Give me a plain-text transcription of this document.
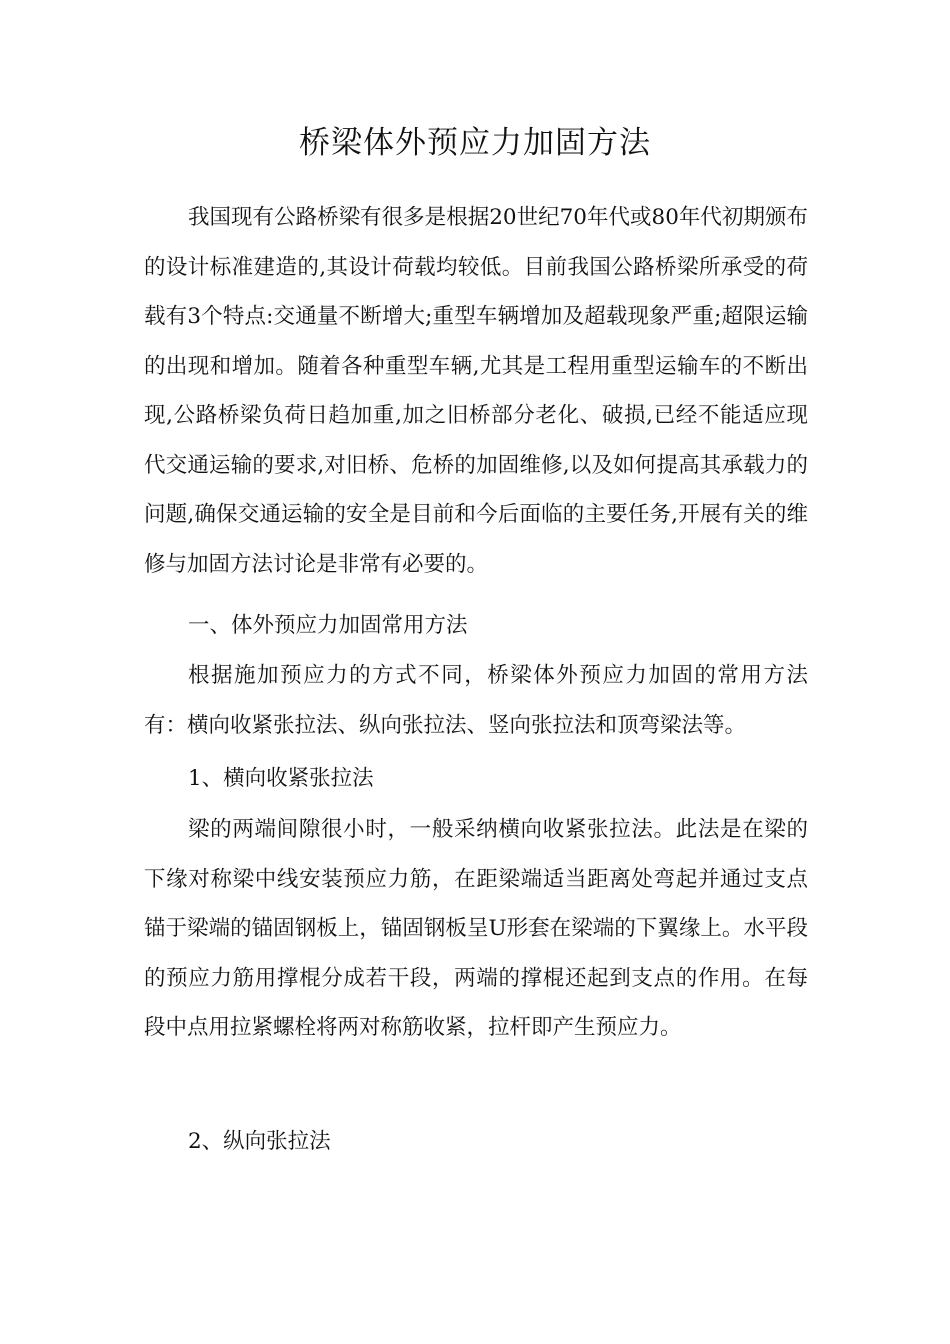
桥梁体外预应力加固方法

我国现有公路桥梁有很多是根据20世纪70年代或80年代初期颁布的设计标准建造的,其设计荷载均较低。目前我国公路桥梁所承受的荷载有3个特点:交通量不断增大;重型车辆增加及超载现象严重;超限运输的出现和增加。随着各种重型车辆,尤其是工程用重型运输车的不断出现,公路桥梁负荷日趋加重,加之旧桥部分老化、破损,已经不能适应现代交通运输的要求,对旧桥、危桥的加固维修,以及如何提高其承载力的问题,确保交通运输的安全是目前和今后面临的主要任务,开展有关的维修与加固方法讨论是非常有必要的。

一、体外预应力加固常用方法

根据施加预应力的方式不同，桥梁体外预应力加固的常用方法有：横向收紧张拉法、纵向张拉法、竖向张拉法和顶弯梁法等。

1、横向收紧张拉法

梁的两端间隙很小时，一般采纳横向收紧张拉法。此法是在梁的下缘对称梁中线安装预应力筋，在距梁端适当距离处弯起并通过支点锚于梁端的锚固钢板上，锚固钢板呈U形套在梁端的下翼缘上。水平段的预应力筋用撑棍分成若干段，两端的撑棍还起到支点的作用。在每段中点用拉紧螺栓将两对称筋收紧，拉杆即产生预应力。

2、纵向张拉法
